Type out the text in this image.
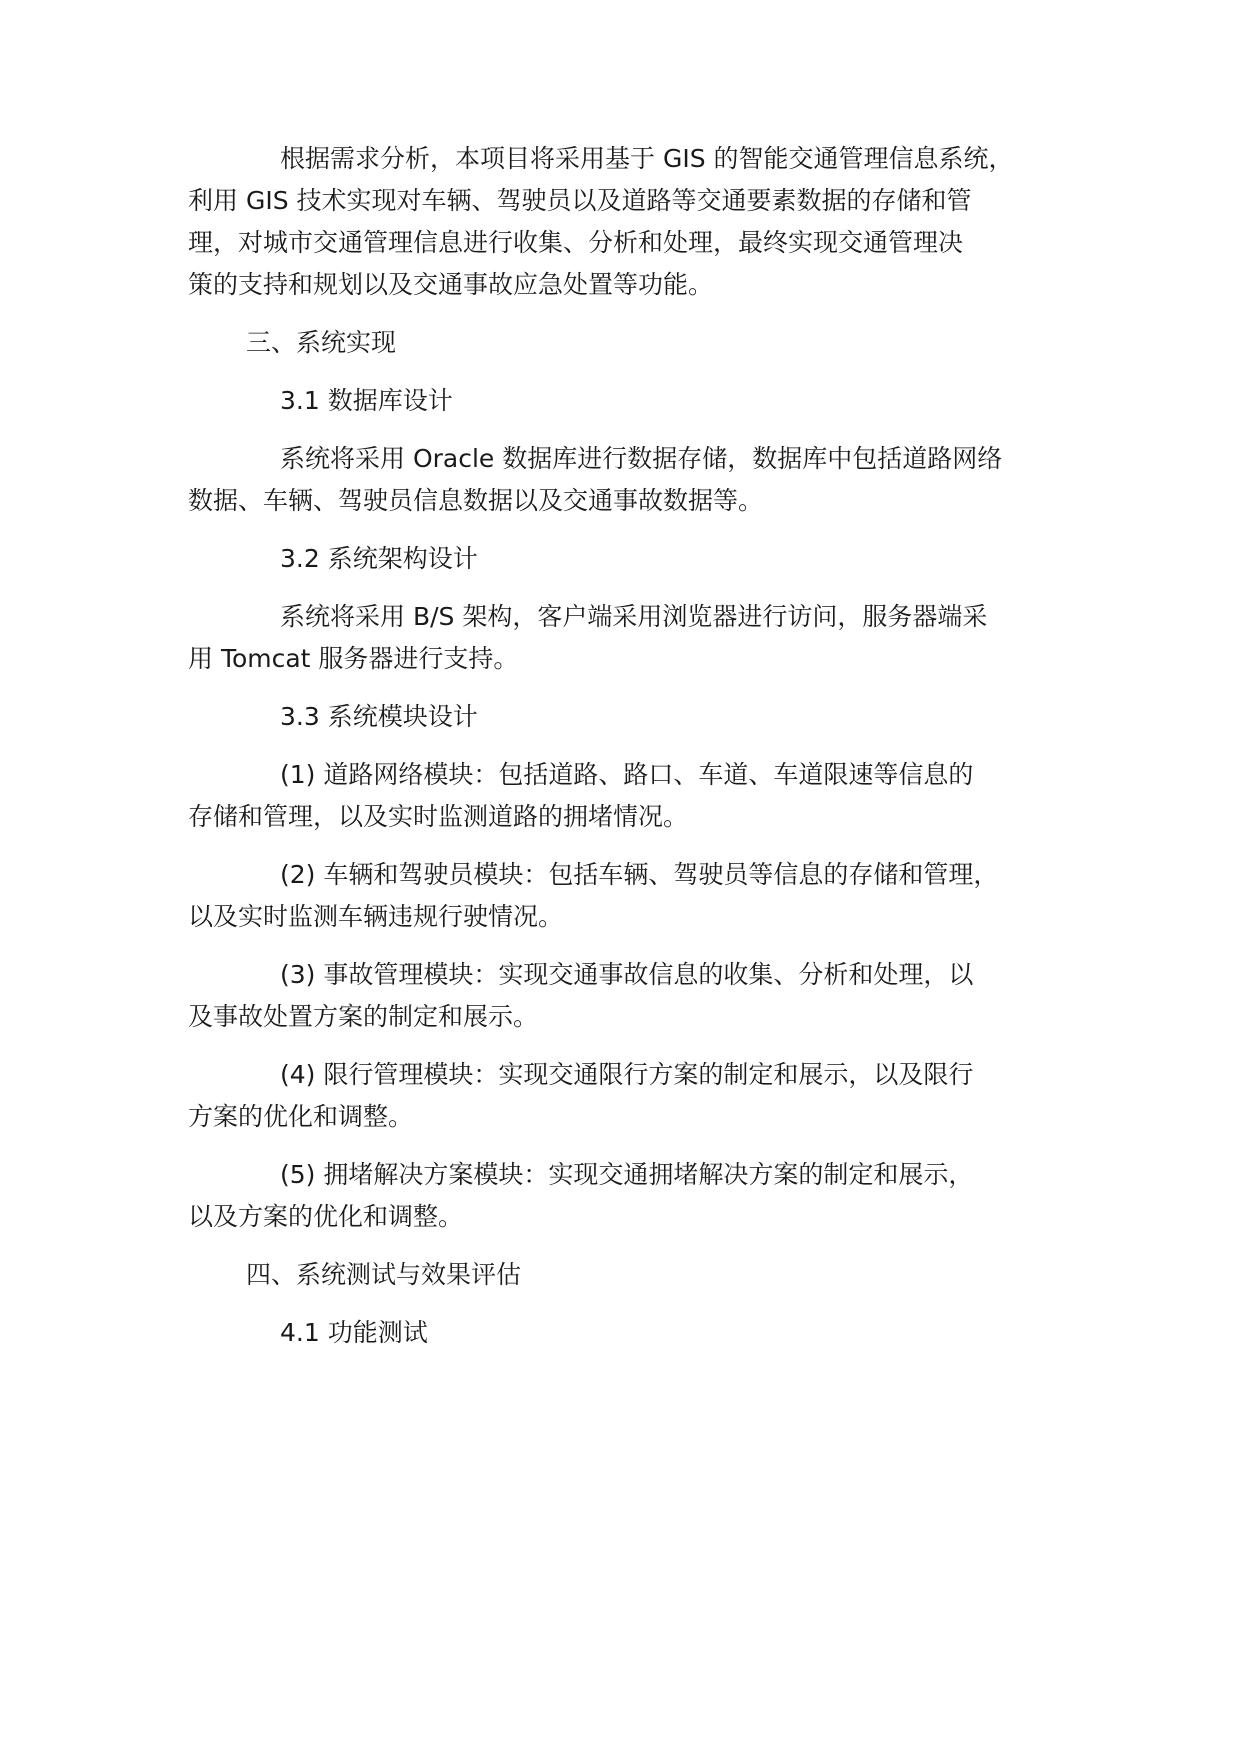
根据需求分析，本项目将采用基于 GIS 的智能交通管理信息系统，
利用 GIS 技术实现对车辆、驾驶员以及道路等交通要素数据的存储和管
理，对城市交通管理信息进行收集、分析和处理，最终实现交通管理决
策的支持和规划以及交通事故应急处置等功能。
三、系统实现
3.1 数据库设计
系统将采用 Oracle 数据库进行数据存储，数据库中包括道路网络
数据、车辆、驾驶员信息数据以及交通事故数据等。
3.2 系统架构设计
系统将采用 B/S 架构，客户端采用浏览器进行访问，服务器端采
用 Tomcat 服务器进行支持。
3.3 系统模块设计
(1) 道路网络模块：包括道路、路口、车道、车道限速等信息的
存储和管理，以及实时监测道路的拥堵情况。
(2) 车辆和驾驶员模块：包括车辆、驾驶员等信息的存储和管理，
以及实时监测车辆违规行驶情况。
(3) 事故管理模块：实现交通事故信息的收集、分析和处理，以
及事故处置方案的制定和展示。
(4) 限行管理模块：实现交通限行方案的制定和展示，以及限行
方案的优化和调整。
(5) 拥堵解决方案模块：实现交通拥堵解决方案的制定和展示，
以及方案的优化和调整。
四、系统测试与效果评估
4.1 功能测试
